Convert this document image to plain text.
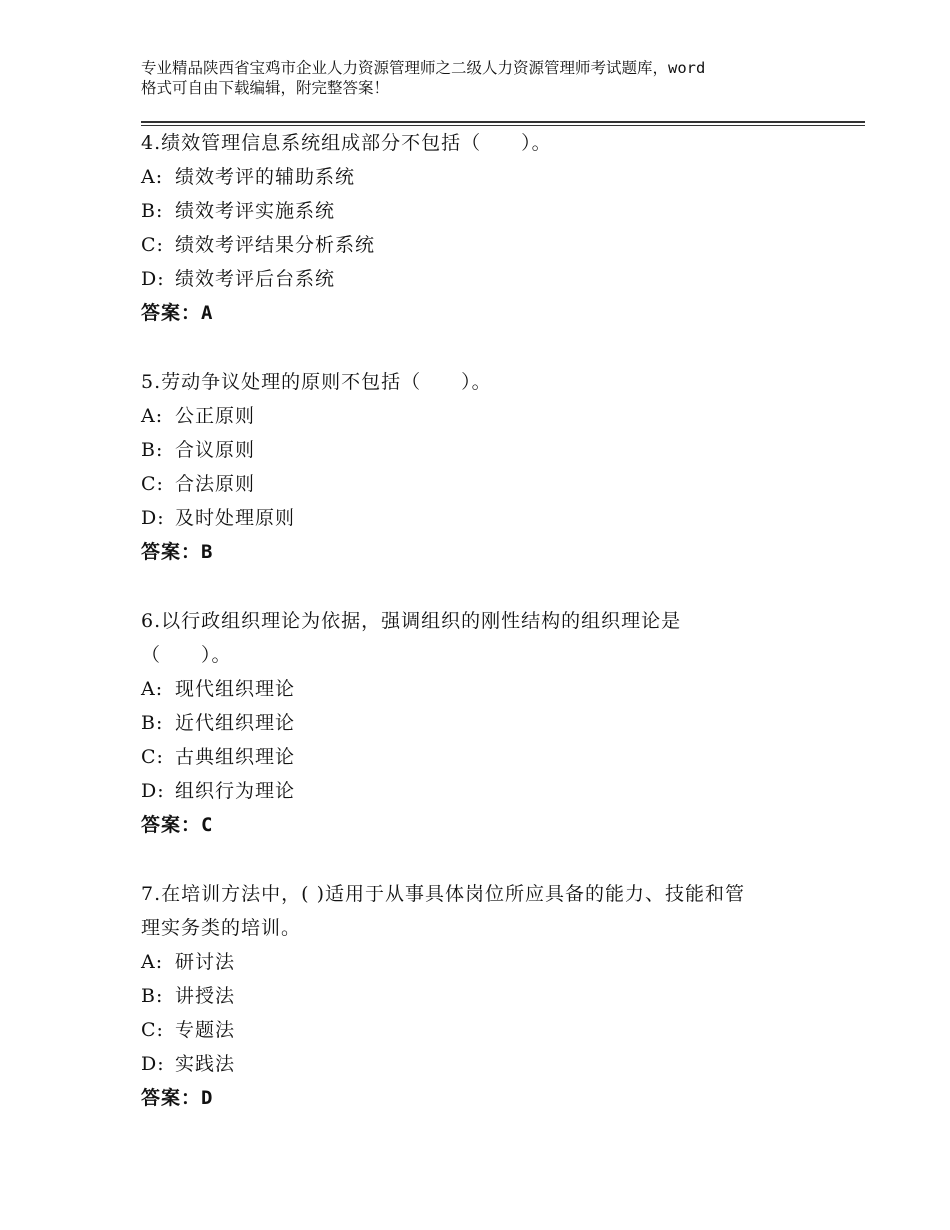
专业精品陕西省宝鸡市企业人力资源管理师之二级人力资源管理师考试题库，word
格式可自由下载编辑，附完整答案！
4.绩效管理信息系统组成部分不包括（　　）。
A: 绩效考评的辅助系统
B: 绩效考评实施系统
C: 绩效考评结果分析系统
D: 绩效考评后台系统
答案：A
5.劳动争议处理的原则不包括（　　）。
A: 公正原则
B: 合议原则
C: 合法原则
D: 及时处理原则
答案：B
6.以行政组织理论为依据，强调组织的刚性结构的组织理论是
（　　）。
A: 现代组织理论
B: 近代组织理论
C: 古典组织理论
D: 组织行为理论
答案：C
7.在培训方法中，( )适用于从事具体岗位所应具备的能力、技能和管
理实务类的培训。
A: 研讨法
B: 讲授法
C: 专题法
D: 实践法
答案：D
